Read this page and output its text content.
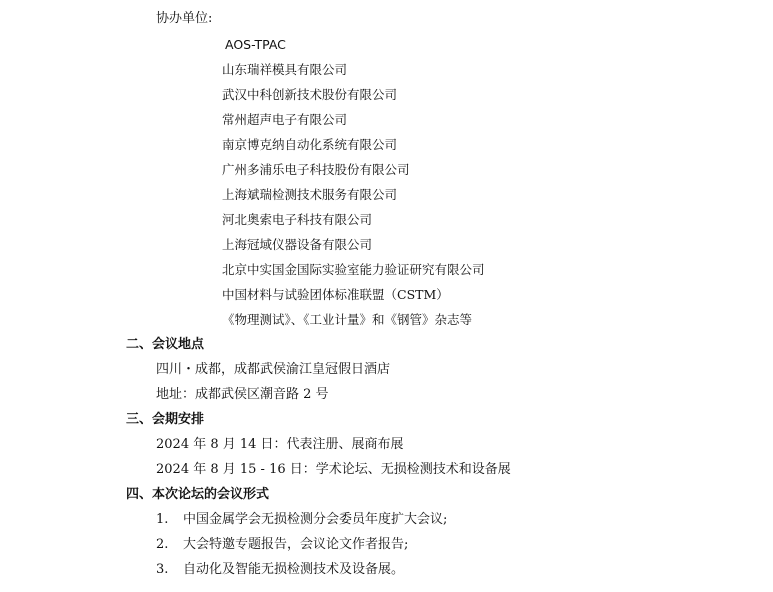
协办单位:
AOS-TPAC
山东瑞祥模具有限公司
武汉中科创新技术股份有限公司
常州超声电子有限公司
南京博克纳自动化系统有限公司
广州多浦乐电子科技股份有限公司
上海斌瑞检测技术服务有限公司
河北奥索电子科技有限公司
上海冠域仪器设备有限公司
北京中实国金国际实验室能力验证研究有限公司
中国材料与试验团体标准联盟（CSTM）
《物理测试》、《工业计量》和《钢管》杂志等
二、会议地点
四川・成都，成都武侯渝江皇冠假日酒店
地址：成都武侯区潮音路 2 号
三、会期安排
2024 年 8 月 14 日：代表注册、展商布展
2024 年 8 月 15 - 16 日：学术论坛、无损检测技术和设备展
四、本次论坛的会议形式
1. 中国金属学会无损检测分会委员年度扩大会议;
2. 大会特邀专题报告，会议论文作者报告;
3. 自动化及智能无损检测技术及设备展。
